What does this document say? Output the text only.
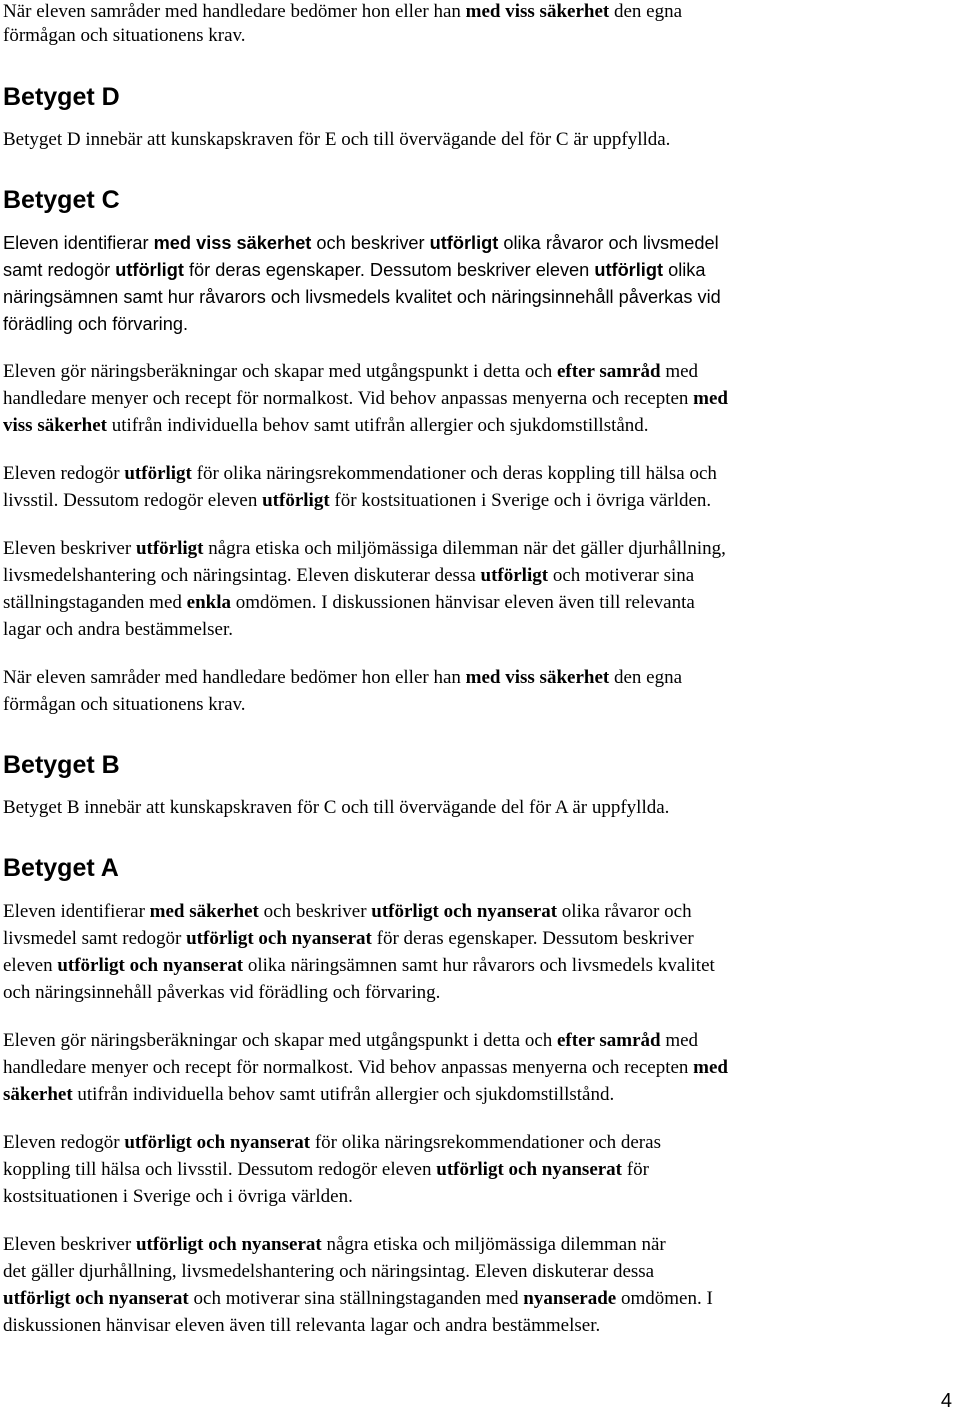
När eleven samråder med handledare bedömer hon eller han med viss säkerhet den egna
förmågan och situationens krav.
Betyget D
Betyget D innebär att kunskapskraven för E och till övervägande del för C är uppfyllda.
Betyget C
Eleven identifierar med viss säkerhet och beskriver utförligt olika råvaror och livsmedel
samt redogör utförligt för deras egenskaper. Dessutom beskriver eleven utförligt olika
näringsämnen samt hur råvarors och livsmedels kvalitet och näringsinnehåll påverkas vid
förädling och förvaring.
Eleven gör näringsberäkningar och skapar med utgångspunkt i detta och efter samråd med
handledare menyer och recept för normalkost. Vid behov anpassas menyerna och recepten med
viss säkerhet utifrån individuella behov samt utifrån allergier och sjukdomstillstånd.
Eleven redogör utförligt för olika näringsrekommendationer och deras koppling till hälsa och
livsstil. Dessutom redogör eleven utförligt för kostsituationen i Sverige och i övriga världen.
Eleven beskriver utförligt några etiska och miljömässiga dilemman när det gäller djurhållning,
livsmedelshantering och näringsintag. Eleven diskuterar dessa utförligt och motiverar sina
ställningstaganden med enkla omdömen. I diskussionen hänvisar eleven även till relevanta
lagar och andra bestämmelser.
När eleven samråder med handledare bedömer hon eller han med viss säkerhet den egna
förmågan och situationens krav.
Betyget B
Betyget B innebär att kunskapskraven för C och till övervägande del för A är uppfyllda.
Betyget A
Eleven identifierar med säkerhet och beskriver utförligt och nyanserat olika råvaror och
livsmedel samt redogör utförligt och nyanserat för deras egenskaper. Dessutom beskriver
eleven utförligt och nyanserat olika näringsämnen samt hur råvarors och livsmedels kvalitet
och näringsinnehåll påverkas vid förädling och förvaring.
Eleven gör näringsberäkningar och skapar med utgångspunkt i detta och efter samråd med
handledare menyer och recept för normalkost. Vid behov anpassas menyerna och recepten med
säkerhet utifrån individuella behov samt utifrån allergier och sjukdomstillstånd.
Eleven redogör utförligt och nyanserat för olika näringsrekommendationer och deras
koppling till hälsa och livsstil. Dessutom redogör eleven utförligt och nyanserat för
kostsituationen i Sverige och i övriga världen.
Eleven beskriver utförligt och nyanserat några etiska och miljömässiga dilemman när
det gäller djurhållning, livsmedelshantering och näringsintag. Eleven diskuterar dessa
utförligt och nyanserat och motiverar sina ställningstaganden med nyanserade omdömen. I
diskussionen hänvisar eleven även till relevanta lagar och andra bestämmelser.
4
